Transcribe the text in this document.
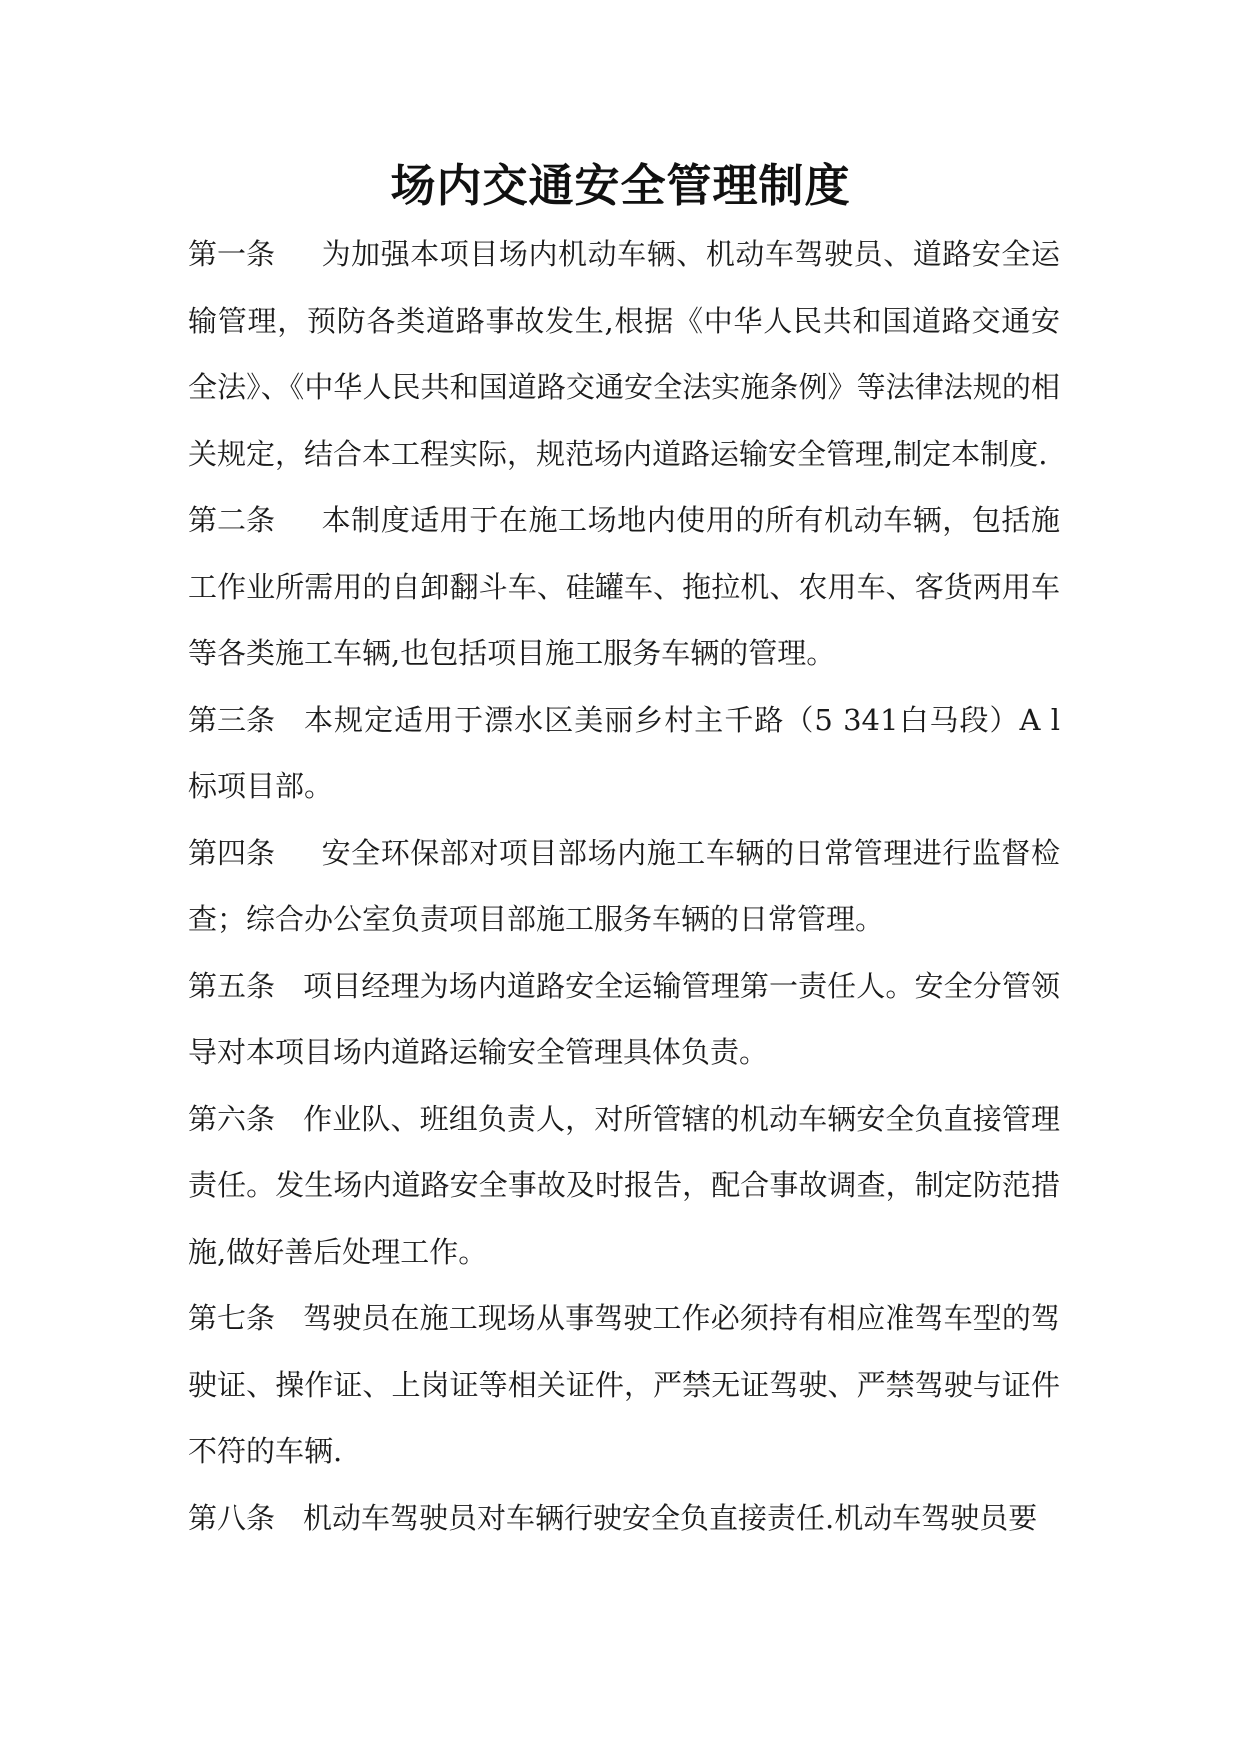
场内交通安全管理制度

第一条 为加强本项目场内机动车辆、机动车驾驶员、道路安全运输管理，预防各类道路事故发生,根据《中华人民共和国道路交通安全法》、《中华人民共和国道路交通安全法实施条例》等法律法规的相关规定，结合本工程实际，规范场内道路运输安全管理,制定本制度.

第二条 本制度适用于在施工场地内使用的所有机动车辆，包括施工作业所需用的自卸翻斗车、硅罐车、拖拉机、农用车、客货两用车等各类施工车辆,也包括项目施工服务车辆的管理。

第三条 本规定适用于漂水区美丽乡村主千路（5 341白马段）A l标项目部。

第四条 安全环保部对项目部场内施工车辆的日常管理进行监督检查；综合办公室负责项目部施工服务车辆的日常管理。

第五条 项目经理为场内道路安全运输管理第一责任人。安全分管领导对本项目场内道路运输安全管理具体负责。

第六条 作业队、班组负责人，对所管辖的机动车辆安全负直接管理责任。发生场内道路安全事故及时报告，配合事故调查，制定防范措施,做好善后处理工作。

第七条 驾驶员在施工现场从事驾驶工作必须持有相应准驾车型的驾驶证、操作证、上岗证等相关证件，严禁无证驾驶、严禁驾驶与证件不符的车辆.

第八条 机动车驾驶员对车辆行驶安全负直接责任.机动车驾驶员要
